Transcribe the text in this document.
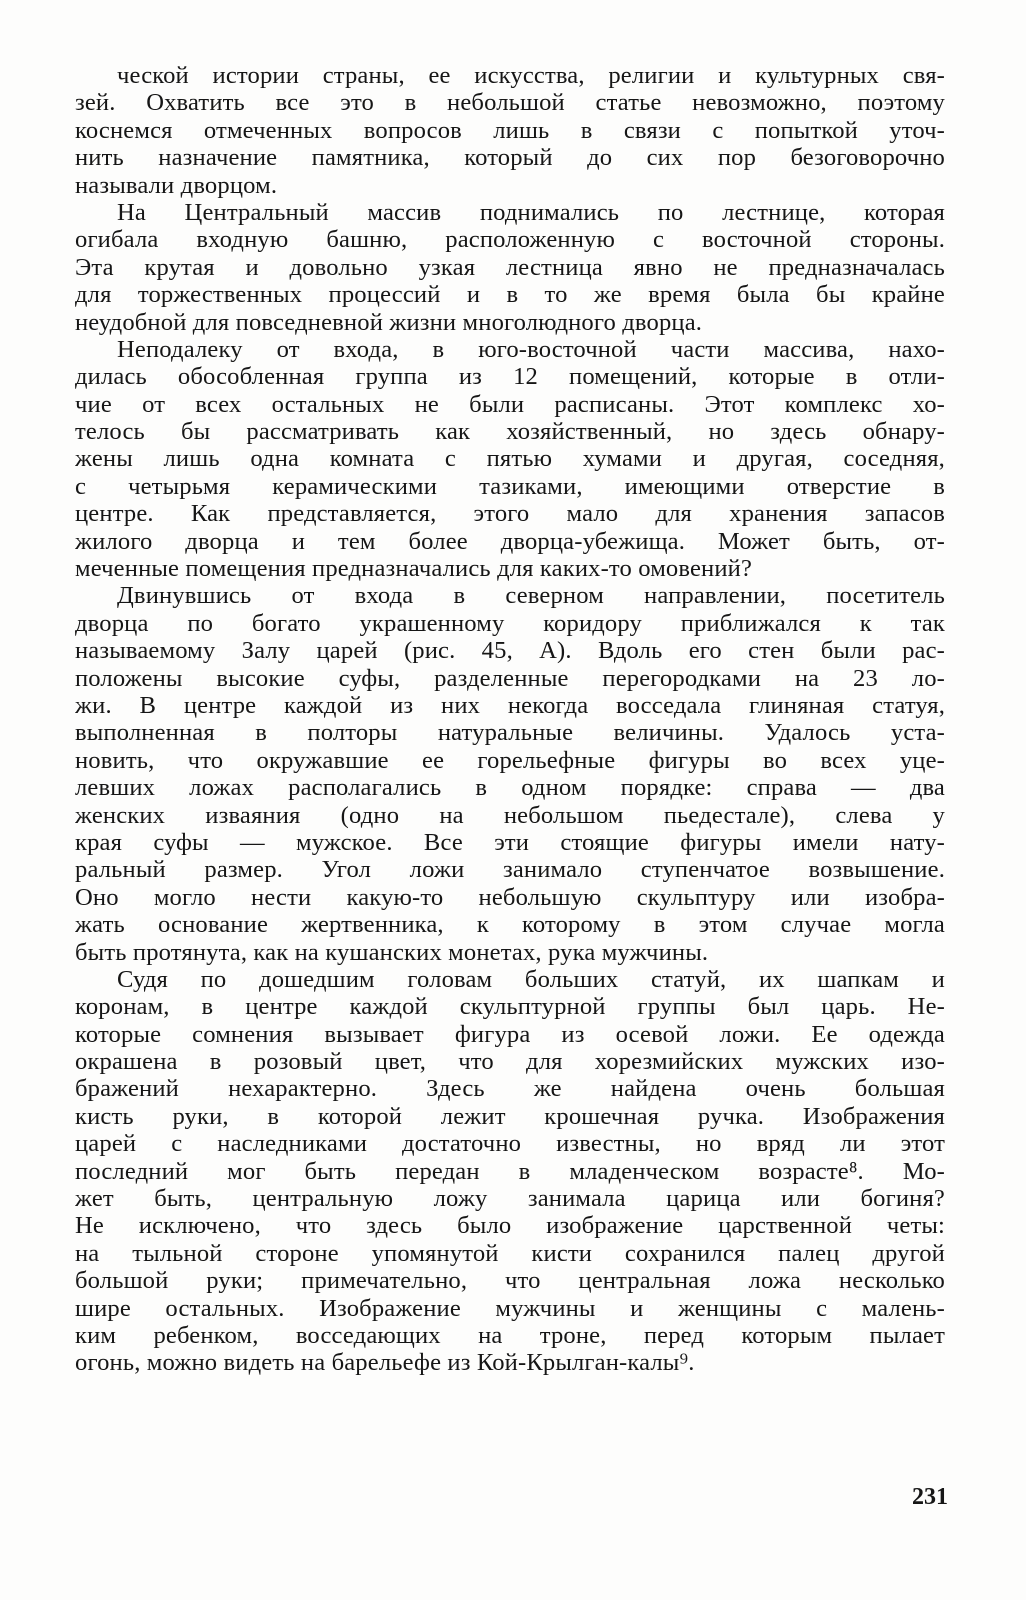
ческой истории страны, ее искусства, религии и культурных свя-
зей. Охватить все это в небольшой статье невозможно, поэтому
коснемся отмеченных вопросов лишь в связи с попыткой уточ-
нить назначение памятника, который до сих пор безоговорочно
называли дворцом.
На Центральный массив поднимались по лестнице, которая
огибала входную башню, расположенную с восточной стороны.
Эта крутая и довольно узкая лестница явно не предназначалась
для торжественных процессий и в то же время была бы крайне
неудобной для повседневной жизни многолюдного дворца.
Неподалеку от входа, в юго-восточной части массива, нахо-
дилась обособленная группа из 12 помещений, которые в отли-
чие от всех остальных не были расписаны. Этот комплекс хо-
телось бы рассматривать как хозяйственный, но здесь обнару-
жены лишь одна комната с пятью хумами и другая, соседняя,
с четырьмя керамическими тазиками, имеющими отверстие в
центре. Как представляется, этого мало для хранения запасов
жилого дворца и тем более дворца-убежища. Может быть, от-
меченные помещения предназначались для каких-то омовений?
Двинувшись от входа в северном направлении, посетитель
дворца по богато украшенному коридору приближался к так
называемому Залу царей (рис. 45, А). Вдоль его стен были рас-
положены высокие суфы, разделенные перегородками на 23 ло-
жи. В центре каждой из них некогда восседала глиняная статуя,
выполненная в полторы натуральные величины. Удалось уста-
новить, что окружавшие ее горельефные фигуры во всех уце-
левших ложах располагались в одном порядке: справа — два
женских изваяния (одно на небольшом пьедестале), слева у
края суфы — мужское. Все эти стоящие фигуры имели нату-
ральный размер. Угол ложи занимало ступенчатое возвышение.
Оно могло нести какую-то небольшую скульптуру или изобра-
жать основание жертвенника, к которому в этом случае могла
быть протянута, как на кушанских монетах, рука мужчины.
Судя по дошедшим головам больших статуй, их шапкам и
коронам, в центре каждой скульптурной группы был царь. Не-
которые сомнения вызывает фигура из осевой ложи. Ее одежда
окрашена в розовый цвет, что для хорезмийских мужских изо-
бражений нехарактерно. Здесь же найдена очень большая
кисть руки, в которой лежит крошечная ручка. Изображения
царей с наследниками достаточно известны, но вряд ли этот
последний мог быть передан в младенческом возрасте⁸. Мо-
жет быть, центральную ложу занимала царица или богиня?
Не исключено, что здесь было изображение царственной четы:
на тыльной стороне упомянутой кисти сохранился палец другой
большой руки; примечательно, что центральная ложа несколько
шире остальных. Изображение мужчины и женщины с малень-
ким ребенком, восседающих на троне, перед которым пылает
огонь, можно видеть на барельефе из Кой-Крылган-калы⁹.
231
